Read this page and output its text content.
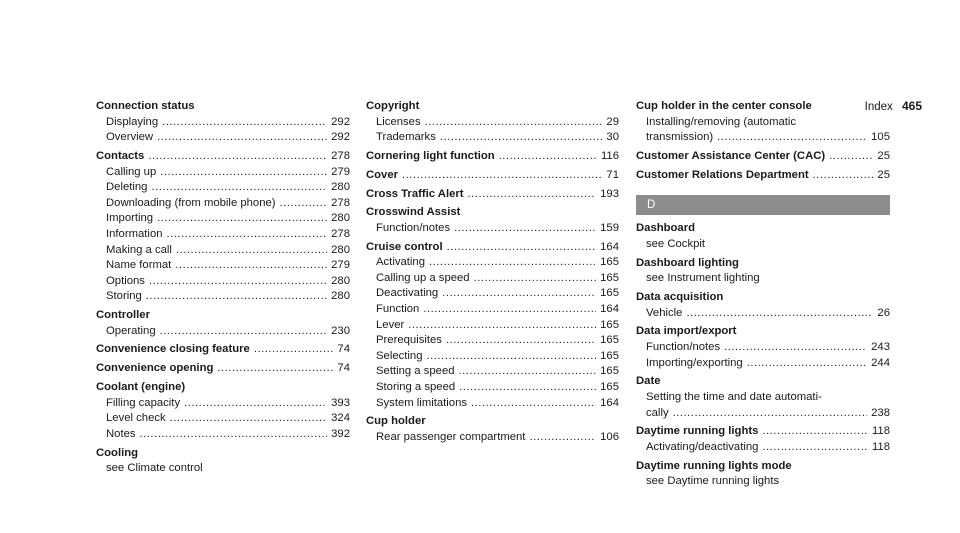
Index 465
Connection status
Displaying .....	292
Overview .....	292
Contacts .....	278
Calling up .....	279
Deleting .....	280
Downloading (from mobile phone) .....	278
Importing .....	280
Information .....	278
Making a call .....	280
Name format .....	279
Options .....	280
Storing .....	280
Controller
Operating .....	230
Convenience closing feature .....	74
Convenience opening .....	74
Coolant (engine)
Filling capacity .....	393
Level check .....	324
Notes .....	392
Cooling
see Climate control
Copyright
Licenses .....	29
Trademarks .....	30
Cornering light function .....	116
Cover .....	71
Cross Traffic Alert .....	193
Crosswind Assist
Function/notes .....	159
Cruise control .....	164
Activating .....	165
Calling up a speed .....	165
Deactivating .....	165
Function .....	164
Lever .....	165
Prerequisites .....	165
Selecting .....	165
Setting a speed .....	165
Storing a speed .....	165
System limitations .....	164
Cup holder
Rear passenger compartment .....	106
Cup holder in the center console
Installing/removing (automatic
transmission) .....	105
Customer Assistance Center (CAC) .....	25
Customer Relations Department .....	25
D
Dashboard
see Cockpit
Dashboard lighting
see Instrument lighting
Data acquisition
Vehicle .....	26
Data import/export
Function/notes .....	243
Importing/exporting .....	244
Date
Setting the time and date automati-
cally .....	238
Daytime running lights .....	118
Activating/deactivating .....	118
Daytime running lights mode
see Daytime running lights
